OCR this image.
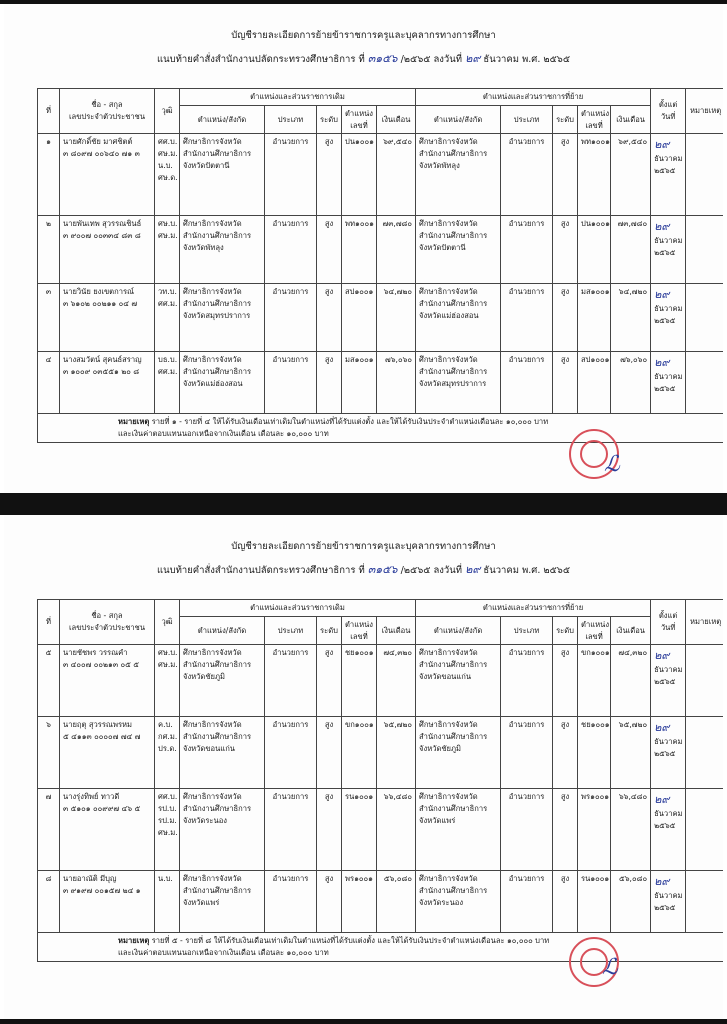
บัญชีรายละเอียดการย้ายข้าราชการครูและบุคลากรทางการศึกษา
แนบท้ายคำสั่งสำนักงานปลัดกระทรวงศึกษาธิการ ที่ ๓๑๕๖ /๒๕๖๕ ลงวันที่ ๒๙ ธันวาคม พ.ศ. ๒๕๖๕
ที่	ชื่อ - สกุล
เลขประจำตัวประชาชน	วุฒิ	ตำแหน่งและส่วนราชการเดิม					ตำแหน่งและส่วนราชการที่ย้าย					ตั้งแต่ วันที่	หมายเหตุ
			ตำแหน่ง/สังกัด	ประเภท	ระดับ	ตำแหน่ง เลขที่	เงินเดือน	ตำแหน่ง/สังกัด	ประเภท	ระดับ	ตำแหน่ง เลขที่	เงินเดือน		
๑	นายศักดิ์ชัย มาศชิตต์
๓ ๘๐๙๗ ๐๐๖๔๐ ๗๑ ๓	ศศ.บ.
ศษ.ม.
น.บ.
ศษ.ด.	ศึกษาธิการจังหวัด
สำนักงานศึกษาธิการ
จังหวัดปัตตานี	อำนวยการ	สูง	ปน๑๐๐๑	๖๙,๕๔๐	ศึกษาธิการจังหวัด
สำนักงานศึกษาธิการ
จังหวัดพัทลุง	อำนวยการ	สูง	พท๑๐๐๑	๖๙,๕๔๐	๒๙
ธันวาคม
๒๕๖๕	
๒	นายพันเทพ สุวรรณชินธ์
๓ ๙๐๐๗ ๐๐๓๓๔ ๘๓ ๘	ศษ.บ.
ศษ.ม.	ศึกษาธิการจังหวัด
สำนักงานศึกษาธิการ
จังหวัดพัทลุง	อำนวยการ	สูง	พท๑๐๐๑	๗๓,๗๘๐	ศึกษาธิการจังหวัด
สำนักงานศึกษาธิการ
จังหวัดปัตตานี	อำนวยการ	สูง	ปน๑๐๐๑	๗๓,๗๘๐	๒๙
ธันวาคม
๒๕๖๕	
๓	นายวินัย ยงเขตการณ์
๓ ๖๑๐๒ ๐๐๒๑๑ ๐๔ ๗	วท.บ.
ศศ.ม.	ศึกษาธิการจังหวัด
สำนักงานศึกษาธิการ
จังหวัดสมุทรปราการ	อำนวยการ	สูง	สป๑๐๐๑	๖๔,๗๒๐	ศึกษาธิการจังหวัด
สำนักงานศึกษาธิการ
จังหวัดแม่ฮ่องสอน	อำนวยการ	สูง	มส๑๐๐๑	๖๔,๗๒๐	๒๙
ธันวาคม
๒๕๖๕	
๔	นางสมวัตน์ สุคนธ์สราญ
๓ ๑๐๐๙ ๐๓๕๕๑ ๒๐ ๘	บธ.บ.
ศศ.ม.	ศึกษาธิการจังหวัด
สำนักงานศึกษาธิการ
จังหวัดแม่ฮ่องสอน	อำนวยการ	สูง	มส๑๐๐๑	๗๖,๐๖๐	ศึกษาธิการจังหวัด
สำนักงานศึกษาธิการ
จังหวัดสมุทรปราการ	อำนวยการ	สูง	สป๑๐๐๑	๗๖,๐๖๐	๒๙
ธันวาคม
๒๕๖๕	
หมายเหตุ รายที่ ๑ - รายที่ ๔ ให้ได้รับเงินเดือนเท่าเดิมในตำแหน่งที่ได้รับแต่งตั้ง และให้ได้รับเงินประจำตำแหน่งเดือนละ ๑๐,๐๐๐ บาท
และเงินค่าตอบแทนนอกเหนือจากเงินเดือน เดือนละ ๑๐,๐๐๐ บาท														
ℒ
บัญชีรายละเอียดการย้ายข้าราชการครูและบุคลากรทางการศึกษา
แนบท้ายคำสั่งสำนักงานปลัดกระทรวงศึกษาธิการ ที่ ๓๑๕๖ /๒๕๖๕ ลงวันที่ ๒๙ ธันวาคม พ.ศ. ๒๕๖๕
ที่	ชื่อ - สกุล
เลขประจำตัวประชาชน	วุฒิ	ตำแหน่งและส่วนราชการเดิม					ตำแหน่งและส่วนราชการที่ย้าย					ตั้งแต่ วันที่	หมายเหตุ
			ตำแหน่ง/สังกัด	ประเภท	ระดับ	ตำแหน่ง เลขที่	เงินเดือน	ตำแหน่ง/สังกัด	ประเภท	ระดับ	ตำแหน่ง เลขที่	เงินเดือน		
๕	นายชัชพร วรรณคำ
๓ ๔๐๐๗ ๐๐๒๑๓ ๐๕ ๕	ศษ.บ.
ศษ.ม.	ศึกษาธิการจังหวัด
สำนักงานศึกษาธิการ
จังหวัดชัยภูมิ	อำนวยการ	สูง	ชย๑๐๐๑	๗๔,๓๒๐	ศึกษาธิการจังหวัด
สำนักงานศึกษาธิการ
จังหวัดขอนแก่น	อำนวยการ	สูง	ขก๑๐๐๑	๗๔,๓๒๐	๒๙
ธันวาคม
๒๕๖๕	
๖	นายฤตุ สุวรรณพรหม
๕ ๔๑๑๓ ๐๐๐๐๗ ๗๔ ๗	ค.บ.
กศ.ม.
ปร.ด.	ศึกษาธิการจังหวัด
สำนักงานศึกษาธิการ
จังหวัดขอนแก่น	อำนวยการ	สูง	ขก๑๐๐๑	๖๕,๗๒๐	ศึกษาธิการจังหวัด
สำนักงานศึกษาธิการ
จังหวัดชัยภูมิ	อำนวยการ	สูง	ชย๑๐๐๑	๖๕,๗๒๐	๒๙
ธันวาคม
๒๕๖๕	
๗	นางรุ่งทิพย์ ทาวดี
๓ ๕๑๐๑ ๐๐๙๙๗ ๔๖ ๕	ศศ.บ.
รป.บ.
รป.ม.
ศษ.ม.	ศึกษาธิการจังหวัด
สำนักงานศึกษาธิการ
จังหวัดระนอง	อำนวยการ	สูง	รน๑๐๐๑	๖๖,๔๘๐	ศึกษาธิการจังหวัด
สำนักงานศึกษาธิการ
จังหวัดแพร่	อำนวยการ	สูง	พร๑๐๐๑	๖๖,๔๘๐	๒๙
ธันวาคม
๒๕๖๕	
๘	นายอาณัติ มีบุญ
๓ ๙๑๙๗ ๐๐๑๕๗ ๒๔ ๑	น.บ.	ศึกษาธิการจังหวัด
สำนักงานศึกษาธิการ
จังหวัดแพร่	อำนวยการ	สูง	พร๑๐๐๑	๕๖,๐๘๐	ศึกษาธิการจังหวัด
สำนักงานศึกษาธิการ
จังหวัดระนอง	อำนวยการ	สูง	รน๑๐๐๑	๕๖,๐๘๐	๒๙
ธันวาคม
๒๕๖๕	
หมายเหตุ รายที่ ๕ - รายที่ ๘ ให้ได้รับเงินเดือนเท่าเดิมในตำแหน่งที่ได้รับแต่งตั้ง และให้ได้รับเงินประจำตำแหน่งเดือนละ ๑๐,๐๐๐ บาท
และเงินค่าตอบแทนนอกเหนือจากเงินเดือน เดือนละ ๑๐,๐๐๐ บาท														
ℒ
